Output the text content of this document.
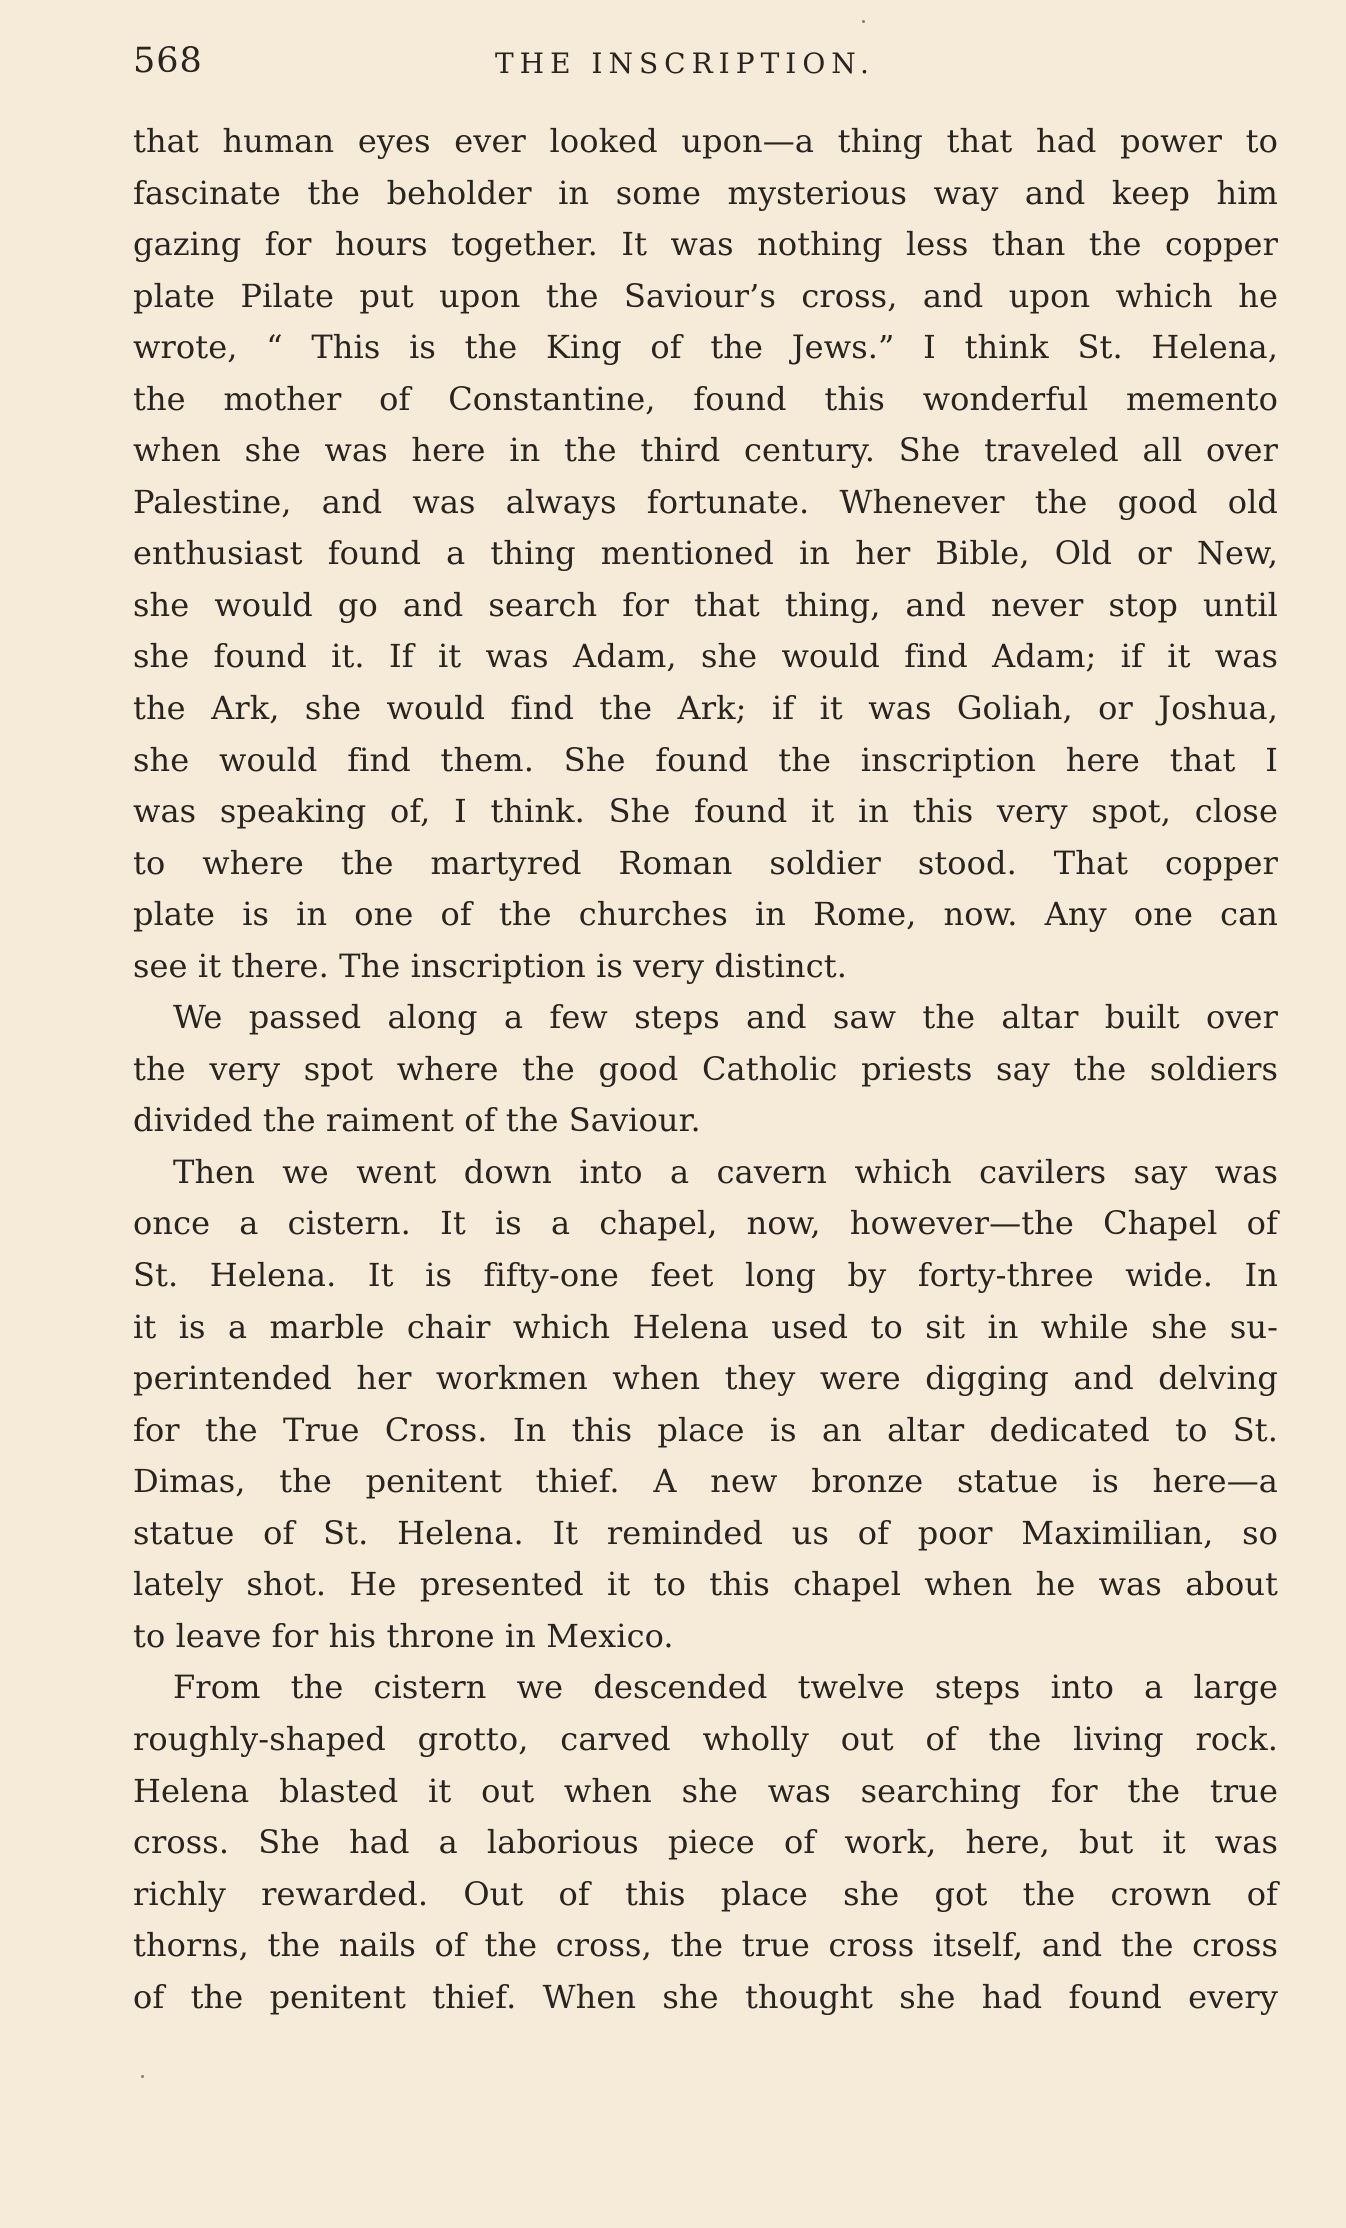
568	THE INSCRIPTION.
that human eyes ever looked upon—a thing that had power to
fascinate the beholder in some mysterious way and keep him
gazing for hours together. It was nothing less than the copper
plate Pilate put upon the Saviour’s cross, and upon which he
wrote, “ This is the King of the Jews.” I think St. Helena,
the mother of Constantine, found this wonderful memento
when she was here in the third century. She traveled all over
Palestine, and was always fortunate. Whenever the good old
enthusiast found a thing mentioned in her Bible, Old or New,
she would go and search for that thing, and never stop until
she found it. If it was Adam, she would find Adam; if it was
the Ark, she would find the Ark; if it was Goliah, or Joshua,
she would find them. She found the inscription here that I
was speaking of, I think. She found it in this very spot, close
to where the martyred Roman soldier stood. That copper
plate is in one of the churches in Rome, now. Any one can
see it there. The inscription is very distinct.
We passed along a few steps and saw the altar built over
the very spot where the good Catholic priests say the soldiers
divided the raiment of the Saviour.
Then we went down into a cavern which cavilers say was
once a cistern. It is a chapel, now, however—the Chapel of
St. Helena. It is fifty-one feet long by forty-three wide. In
it is a marble chair which Helena used to sit in while she su-
perintended her workmen when they were digging and delving
for the True Cross. In this place is an altar dedicated to St.
Dimas, the penitent thief. A new bronze statue is here—a
statue of St. Helena. It reminded us of poor Maximilian, so
lately shot. He presented it to this chapel when he was about
to leave for his throne in Mexico.
From the cistern we descended twelve steps into a large
roughly-shaped grotto, carved wholly out of the living rock.
Helena blasted it out when she was searching for the true
cross. She had a laborious piece of work, here, but it was
richly rewarded. Out of this place she got the crown of
thorns, the nails of the cross, the true cross itself, and the cross
of the penitent thief. When she thought she had found every
